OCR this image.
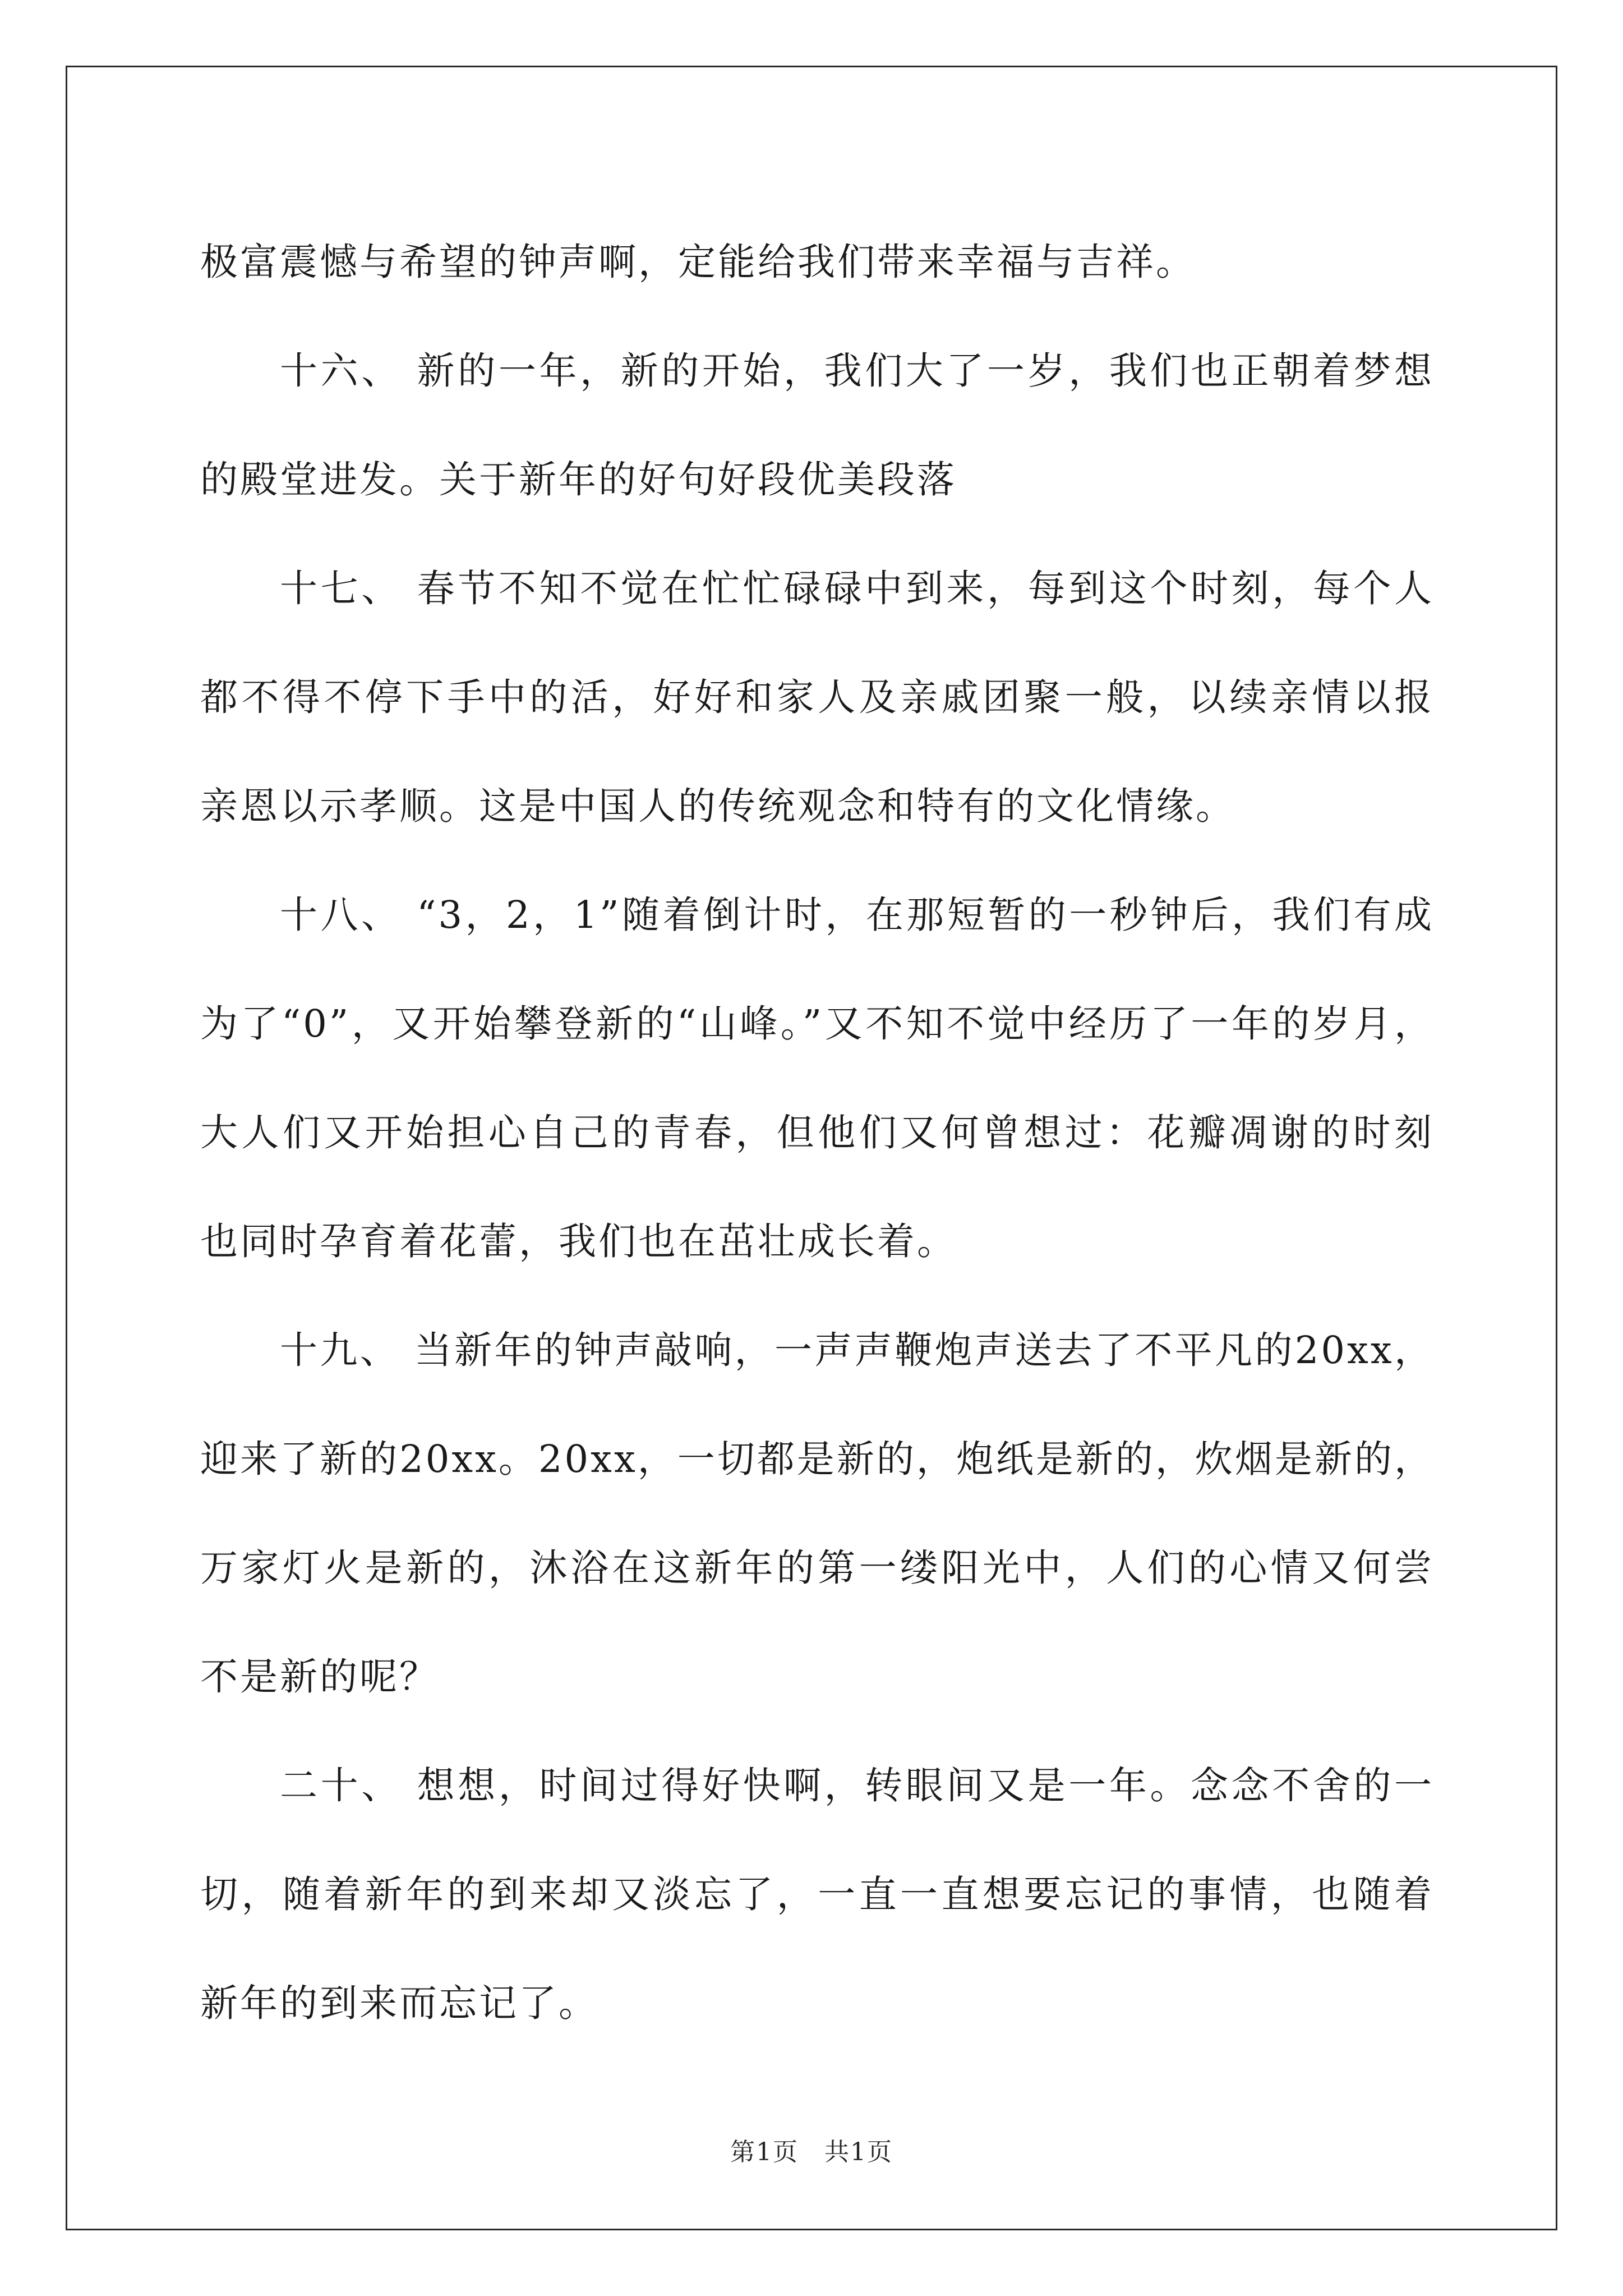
极富震憾与希望的钟声啊，定能给我们带来幸福与吉祥。

十六、 新的一年，新的开始，我们大了一岁，我们也正朝着梦想的殿堂进发。关于新年的好句好段优美段落

十七、 春节不知不觉在忙忙碌碌中到来，每到这个时刻，每个人都不得不停下手中的活，好好和家人及亲戚团聚一般，以续亲情以报亲恩以示孝顺。这是中国人的传统观念和特有的文化情缘。

十八、 “3，2，1”随着倒计时，在那短暂的一秒钟后，我们有成为了“0”，又开始攀登新的“山峰。”又不知不觉中经历了一年的岁月，大人们又开始担心自己的青春，但他们又何曾想过：花瓣凋谢的时刻也同时孕育着花蕾，我们也在茁壮成长着。

十九、 当新年的钟声敲响，一声声鞭炮声送去了不平凡的20xx，迎来了新的20xx。20xx，一切都是新的，炮纸是新的，炊烟是新的，万家灯火是新的，沐浴在这新年的第一缕阳光中，人们的心情又何尝不是新的呢？

二十、 想想，时间过得好快啊，转眼间又是一年。念念不舍的一切，随着新年的到来却又淡忘了，一直一直想要忘记的事情，也随着新年的到来而忘记了。

第1页　共1页
